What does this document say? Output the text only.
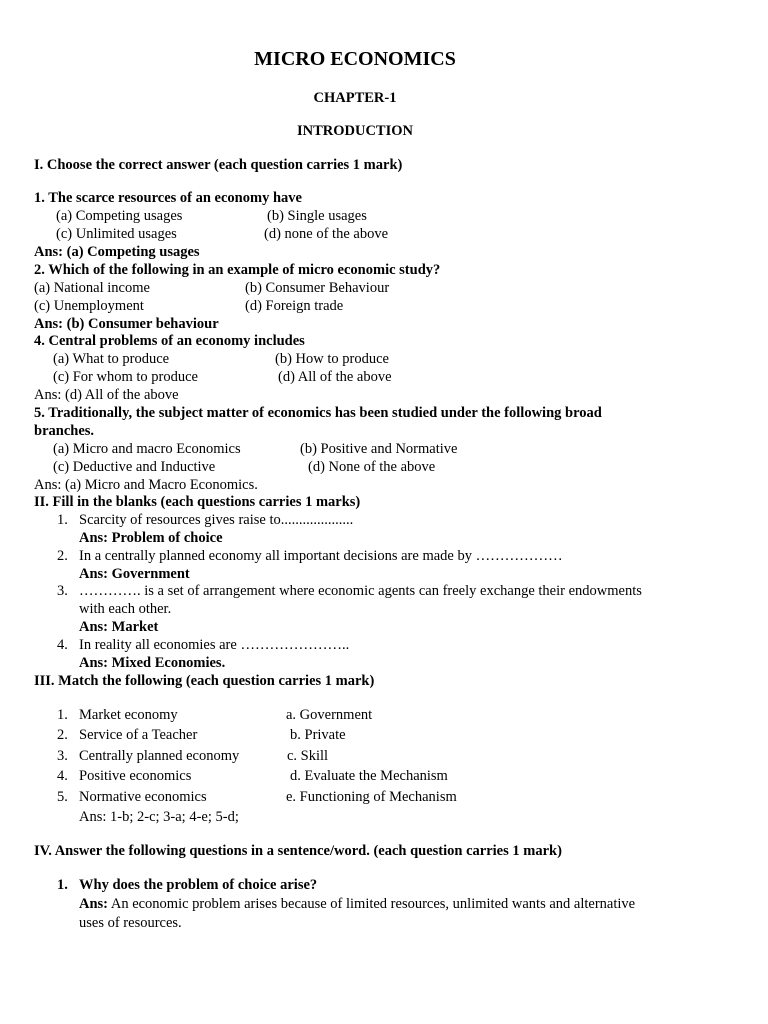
MICRO ECONOMICS
CHAPTER-1
INTRODUCTION
I. Choose the correct answer (each question carries 1 mark)
1. The scarce resources of an economy have
(a) Competing usages	(b) Single usages
(c) Unlimited usages	(d) none of the above
Ans: (a) Competing usages
2. Which of the following in an example of micro economic study?
(a) National income	(b) Consumer Behaviour
(c) Unemployment	(d) Foreign trade
Ans: (b) Consumer behaviour
4. Central problems of an economy includes
(a) What to produce	(b) How to produce
(c) For whom to produce	(d) All of the above
Ans: (d) All of the above
5. Traditionally, the subject matter of economics has been studied under the following broad
branches.
(a) Micro and macro Economics	(b) Positive and Normative
(c) Deductive and Inductive	(d) None of the above
Ans: (a) Micro and Macro Economics.
II. Fill in the blanks (each questions carries 1 marks)
1. Scarcity of resources gives raise to....................
Ans: Problem of choice
2. In a centrally planned economy all important decisions are made by ………………
Ans: Government
3. …………. is a set of arrangement where economic agents can freely exchange their endowments
with each other.
Ans: Market
4. In reality all economies are …………………..
Ans: Mixed Economies.
III. Match the following (each question carries 1 mark)
1. Market economy	a. Government
2. Service of a Teacher	b. Private
3. Centrally planned economy	c. Skill
4. Positive economics	d. Evaluate the Mechanism
5. Normative economics	e. Functioning of Mechanism
Ans: 1-b; 2-c; 3-a; 4-e; 5-d;
IV. Answer the following questions in a sentence/word. (each question carries 1 mark)
1. Why does the problem of choice arise?
Ans: An economic problem arises because of limited resources, unlimited wants and alternative
uses of resources.
